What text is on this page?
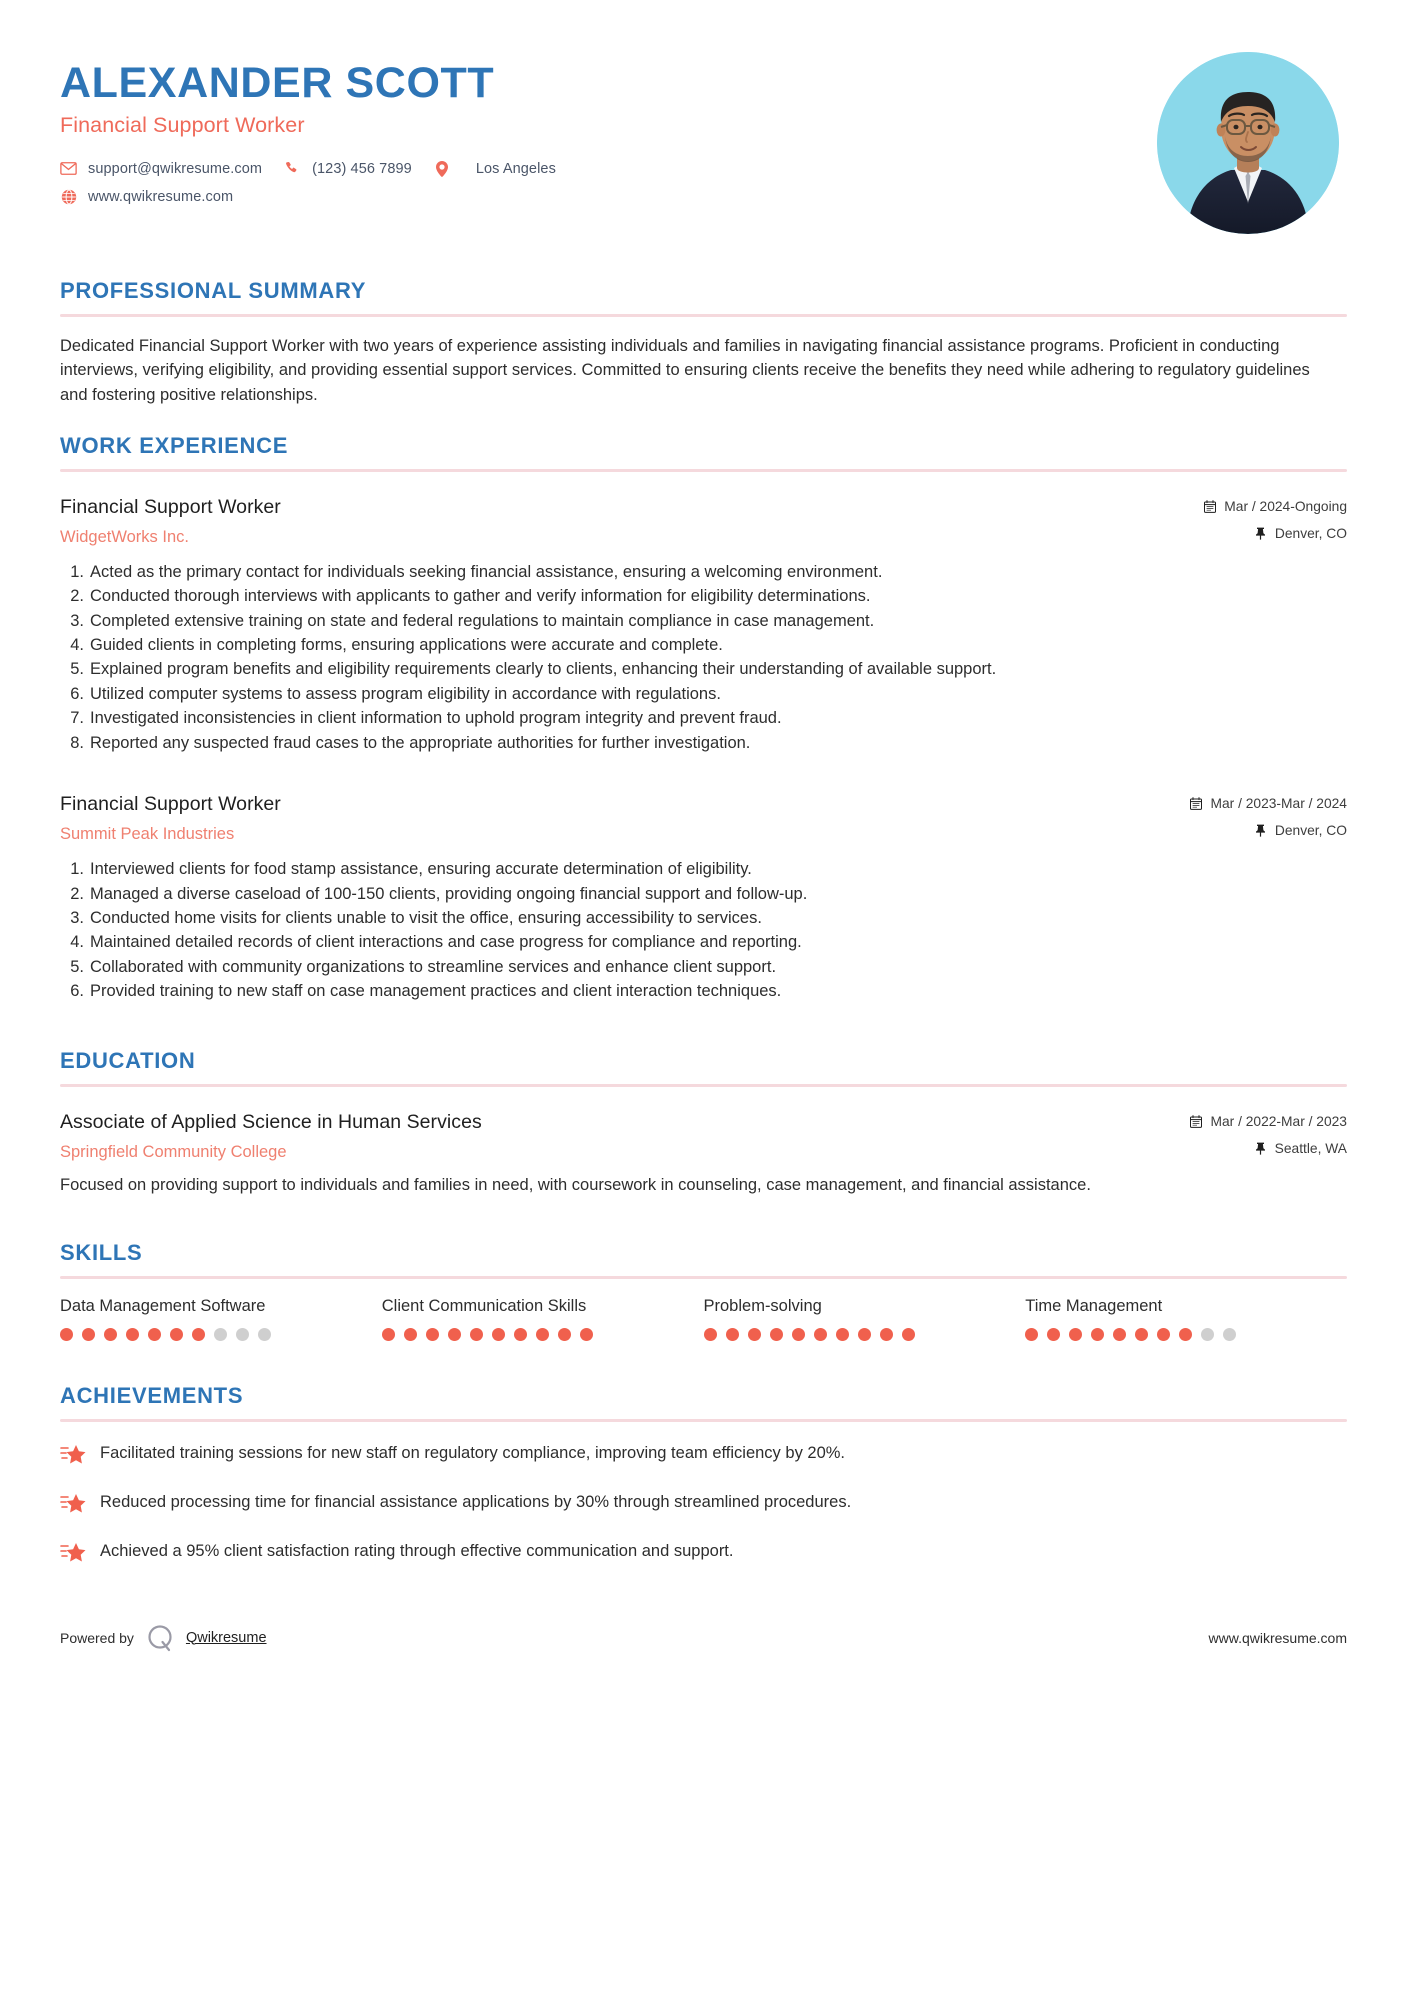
ALEXANDER SCOTT
Financial Support Worker
support@qwikresume.com	(123) 456 7899	Los Angeles
www.qwikresume.com
PROFESSIONAL SUMMARY

Dedicated Financial Support Worker with two years of experience assisting individuals and families in navigating financial assistance programs. Proficient in conducting interviews, verifying eligibility, and providing essential support services. Committed to ensuring clients receive the benefits they need while adhering to regulatory guidelines and fostering positive relationships.

WORK EXPERIENCE
Financial Support Worker
WidgetWorks Inc.
Mar / 2024-Ongoing
Denver, CO
Acted as the primary contact for individuals seeking financial assistance, ensuring a welcoming environment.
Conducted thorough interviews with applicants to gather and verify information for eligibility determinations.
Completed extensive training on state and federal regulations to maintain compliance in case management.
Guided clients in completing forms, ensuring applications were accurate and complete.
Explained program benefits and eligibility requirements clearly to clients, enhancing their understanding of available support.
Utilized computer systems to assess program eligibility in accordance with regulations.
Investigated inconsistencies in client information to uphold program integrity and prevent fraud.
Reported any suspected fraud cases to the appropriate authorities for further investigation.
Financial Support Worker
Summit Peak Industries
Mar / 2023-Mar / 2024
Denver, CO
Interviewed clients for food stamp assistance, ensuring accurate determination of eligibility.
Managed a diverse caseload of 100-150 clients, providing ongoing financial support and follow-up.
Conducted home visits for clients unable to visit the office, ensuring accessibility to services.
Maintained detailed records of client interactions and case progress for compliance and reporting.
Collaborated with community organizations to streamline services and enhance client support.
Provided training to new staff on case management practices and client interaction techniques.
EDUCATION
Associate of Applied Science in Human Services
Springfield Community College
Mar / 2022-Mar / 2023
Seattle, WA

Focused on providing support to individuals and families in need, with coursework in counseling, case management, and financial assistance.

SKILLS
Data Management Software	Client Communication Skills	Problem-solving	Time Management
ACHIEVEMENTS
Facilitated training sessions for new staff on regulatory compliance, improving team efficiency by 20%.
Reduced processing time for financial assistance applications by 30% through streamlined procedures.
Achieved a 95% client satisfaction rating through effective communication and support.
Powered by	Qwikresume	www.qwikresume.com
